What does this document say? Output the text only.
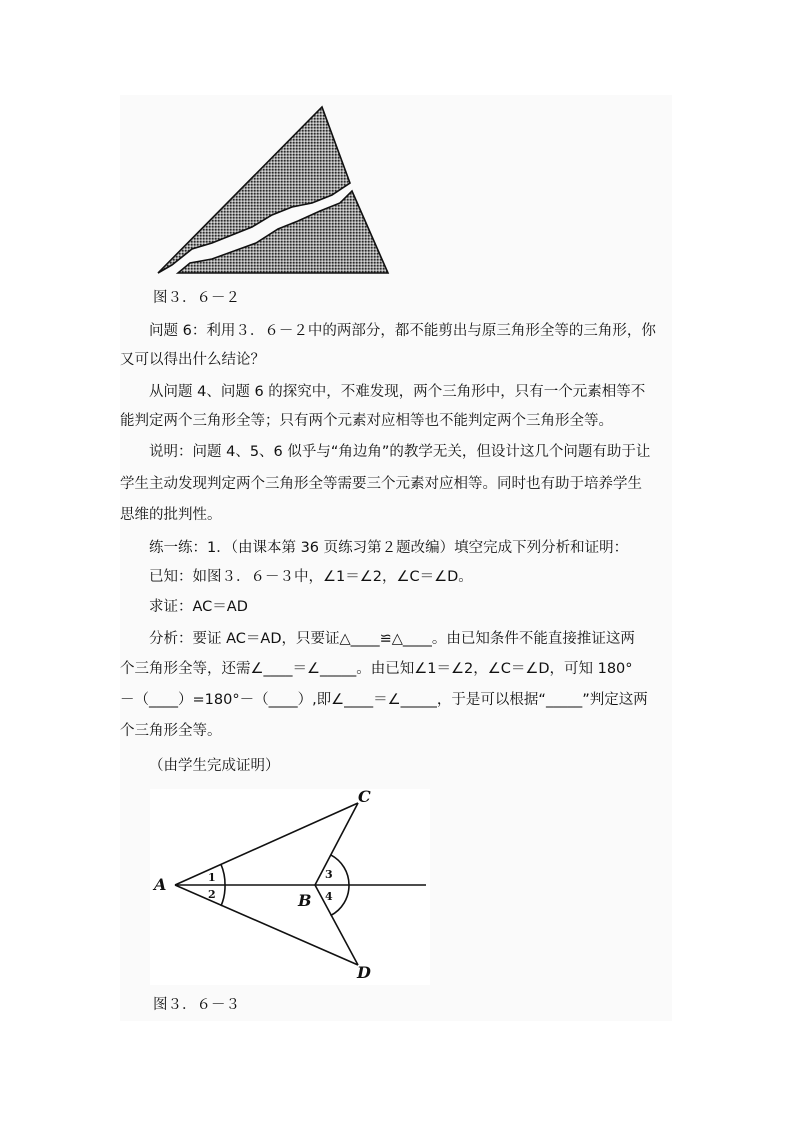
图３．６－２
问题 6：利用３．６－２中的两部分，都不能剪出与原三角形全等的三角形，你
又可以得出什么结论？
从问题 4、问题 6 的探究中，不难发现，两个三角形中，只有一个元素相等不
能判定两个三角形全等；只有两个元素对应相等也不能判定两个三角形全等。
说明：问题 4、5、6 似乎与“角边角”的教学无关，但设计这几个问题有助于让
学生主动发现判定两个三角形全等需要三个元素对应相等。同时也有助于培养学生
思维的批判性。
练一练：1．（由课本第 36 页练习第２题改编）填空完成下列分析和证明：
已知：如图３．６－３中，∠1＝∠2，∠C＝∠D。
求证：AC＝AD
分析：要证 AC＝AD，只要证△____≌△____。由已知条件不能直接推证这两
个三角形全等，还需∠____＝∠_____。由已知∠1＝∠2，∠C＝∠D，可知 180°
－（____）=180°－（____）,即∠____＝∠_____，于是可以根据“_____”判定这两
个三角形全等。
（由学生完成证明）
A
B
C
D
1
2
3
4
图３．６－３
